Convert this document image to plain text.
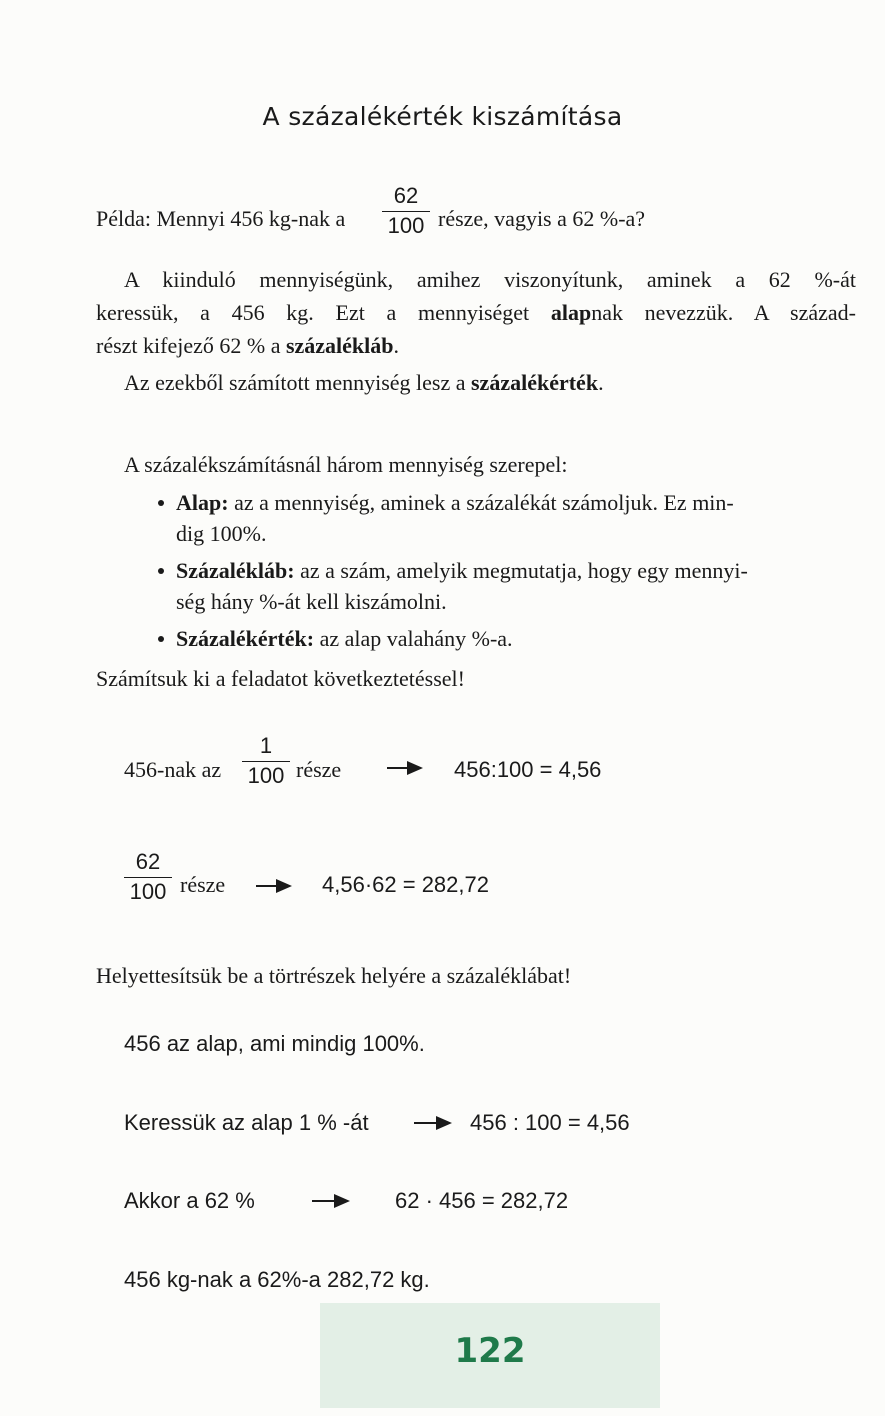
A százalékérték kiszámítása
Példa: Mennyi 456 kg-nak a $\frac{62}{100}$ része, vagyis a 62 %-a?
A kiinduló mennyiségünk, amihez viszonyítunk, aminek a 62 %-át
keressük, a 456 kg. Ezt a mennyiséget alapnak nevezzük. A század-
részt kifejező 62 % a százalékláb.
Az ezekből számított mennyiség lesz a százalékérték.
A százalékszámításnál három mennyiség szerepel:
Alap: az a mennyiség, aminek a százalékát számoljuk. Ez min-
dig 100%.
Százalékláb: az a szám, amelyik megmutatja, hogy egy mennyi-
ség hány %-át kell kiszámolni.
Százalékérték: az alap valahány %-a.
Számítsuk ki a feladatot következtetéssel!
456-nak az $\frac{1}{100}$ része	456:100 = 4,56
$\frac{62}{100}$ része	4,56·62 = 282,72
Helyettesítsük be a törtrészek helyére a százaléklábat!
456 az alap, ami mindig 100%.
Keressük az alap 1 % -át	456 : 100 = 4,56
Akkor a 62 %	62 · 456 = 282,72
456 kg-nak a 62%-a 282,72 kg.
122
